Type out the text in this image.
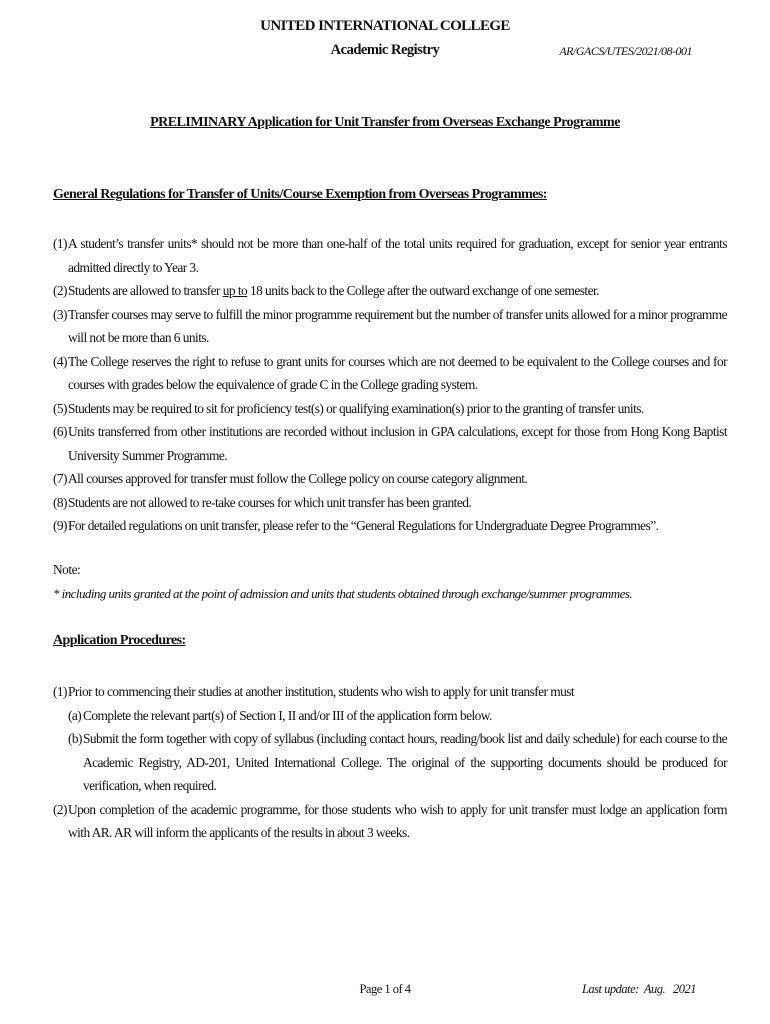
UNITED INTERNATIONAL COLLEGE
Academic Registry	AR/GACS/UTES/2021/08-001
PRELIMINARY Application for Unit Transfer from Overseas Exchange Programme
General Regulations for Transfer of Units/Course Exemption from Overseas Programmes:
(1) A student’s transfer units* should not be more than one-half of the total units required for graduation, except for senior year entrants admitted directly to Year 3.
(2) Students are allowed to transfer up to 18 units back to the College after the outward exchange of one semester.
(3) Transfer courses may serve to fulfill the minor programme requirement but the number of transfer units allowed for a minor programme will not be more than 6 units.
(4) The College reserves the right to refuse to grant units for courses which are not deemed to be equivalent to the College courses and for courses with grades below the equivalence of grade C in the College grading system.
(5) Students may be required to sit for proficiency test(s) or qualifying examination(s) prior to the granting of transfer units.
(6) Units transferred from other institutions are recorded without inclusion in GPA calculations, except for those from Hong Kong Baptist University Summer Programme.
(7) All courses approved for transfer must follow the College policy on course category alignment.
(8) Students are not allowed to re-take courses for which unit transfer has been granted.
(9) For detailed regulations on unit transfer, please refer to the “General Regulations for Undergraduate Degree Programmes”.
Note:
* including units granted at the point of admission and units that students obtained through exchange/summer programmes.
Application Procedures:
(1) Prior to commencing their studies at another institution, students who wish to apply for unit transfer must
(a) Complete the relevant part(s) of Section I, II and/or III of the application form below.
(b) Submit the form together with copy of syllabus (including contact hours, reading/book list and daily schedule) for each course to the Academic Registry, AD-201, United International College. The original of the supporting documents should be produced for verification, when required.
(2) Upon completion of the academic programme, for those students who wish to apply for unit transfer must lodge an application form with AR. AR will inform the applicants of the results in about 3 weeks.
Page 1 of 4	Last update:  Aug.   2021
